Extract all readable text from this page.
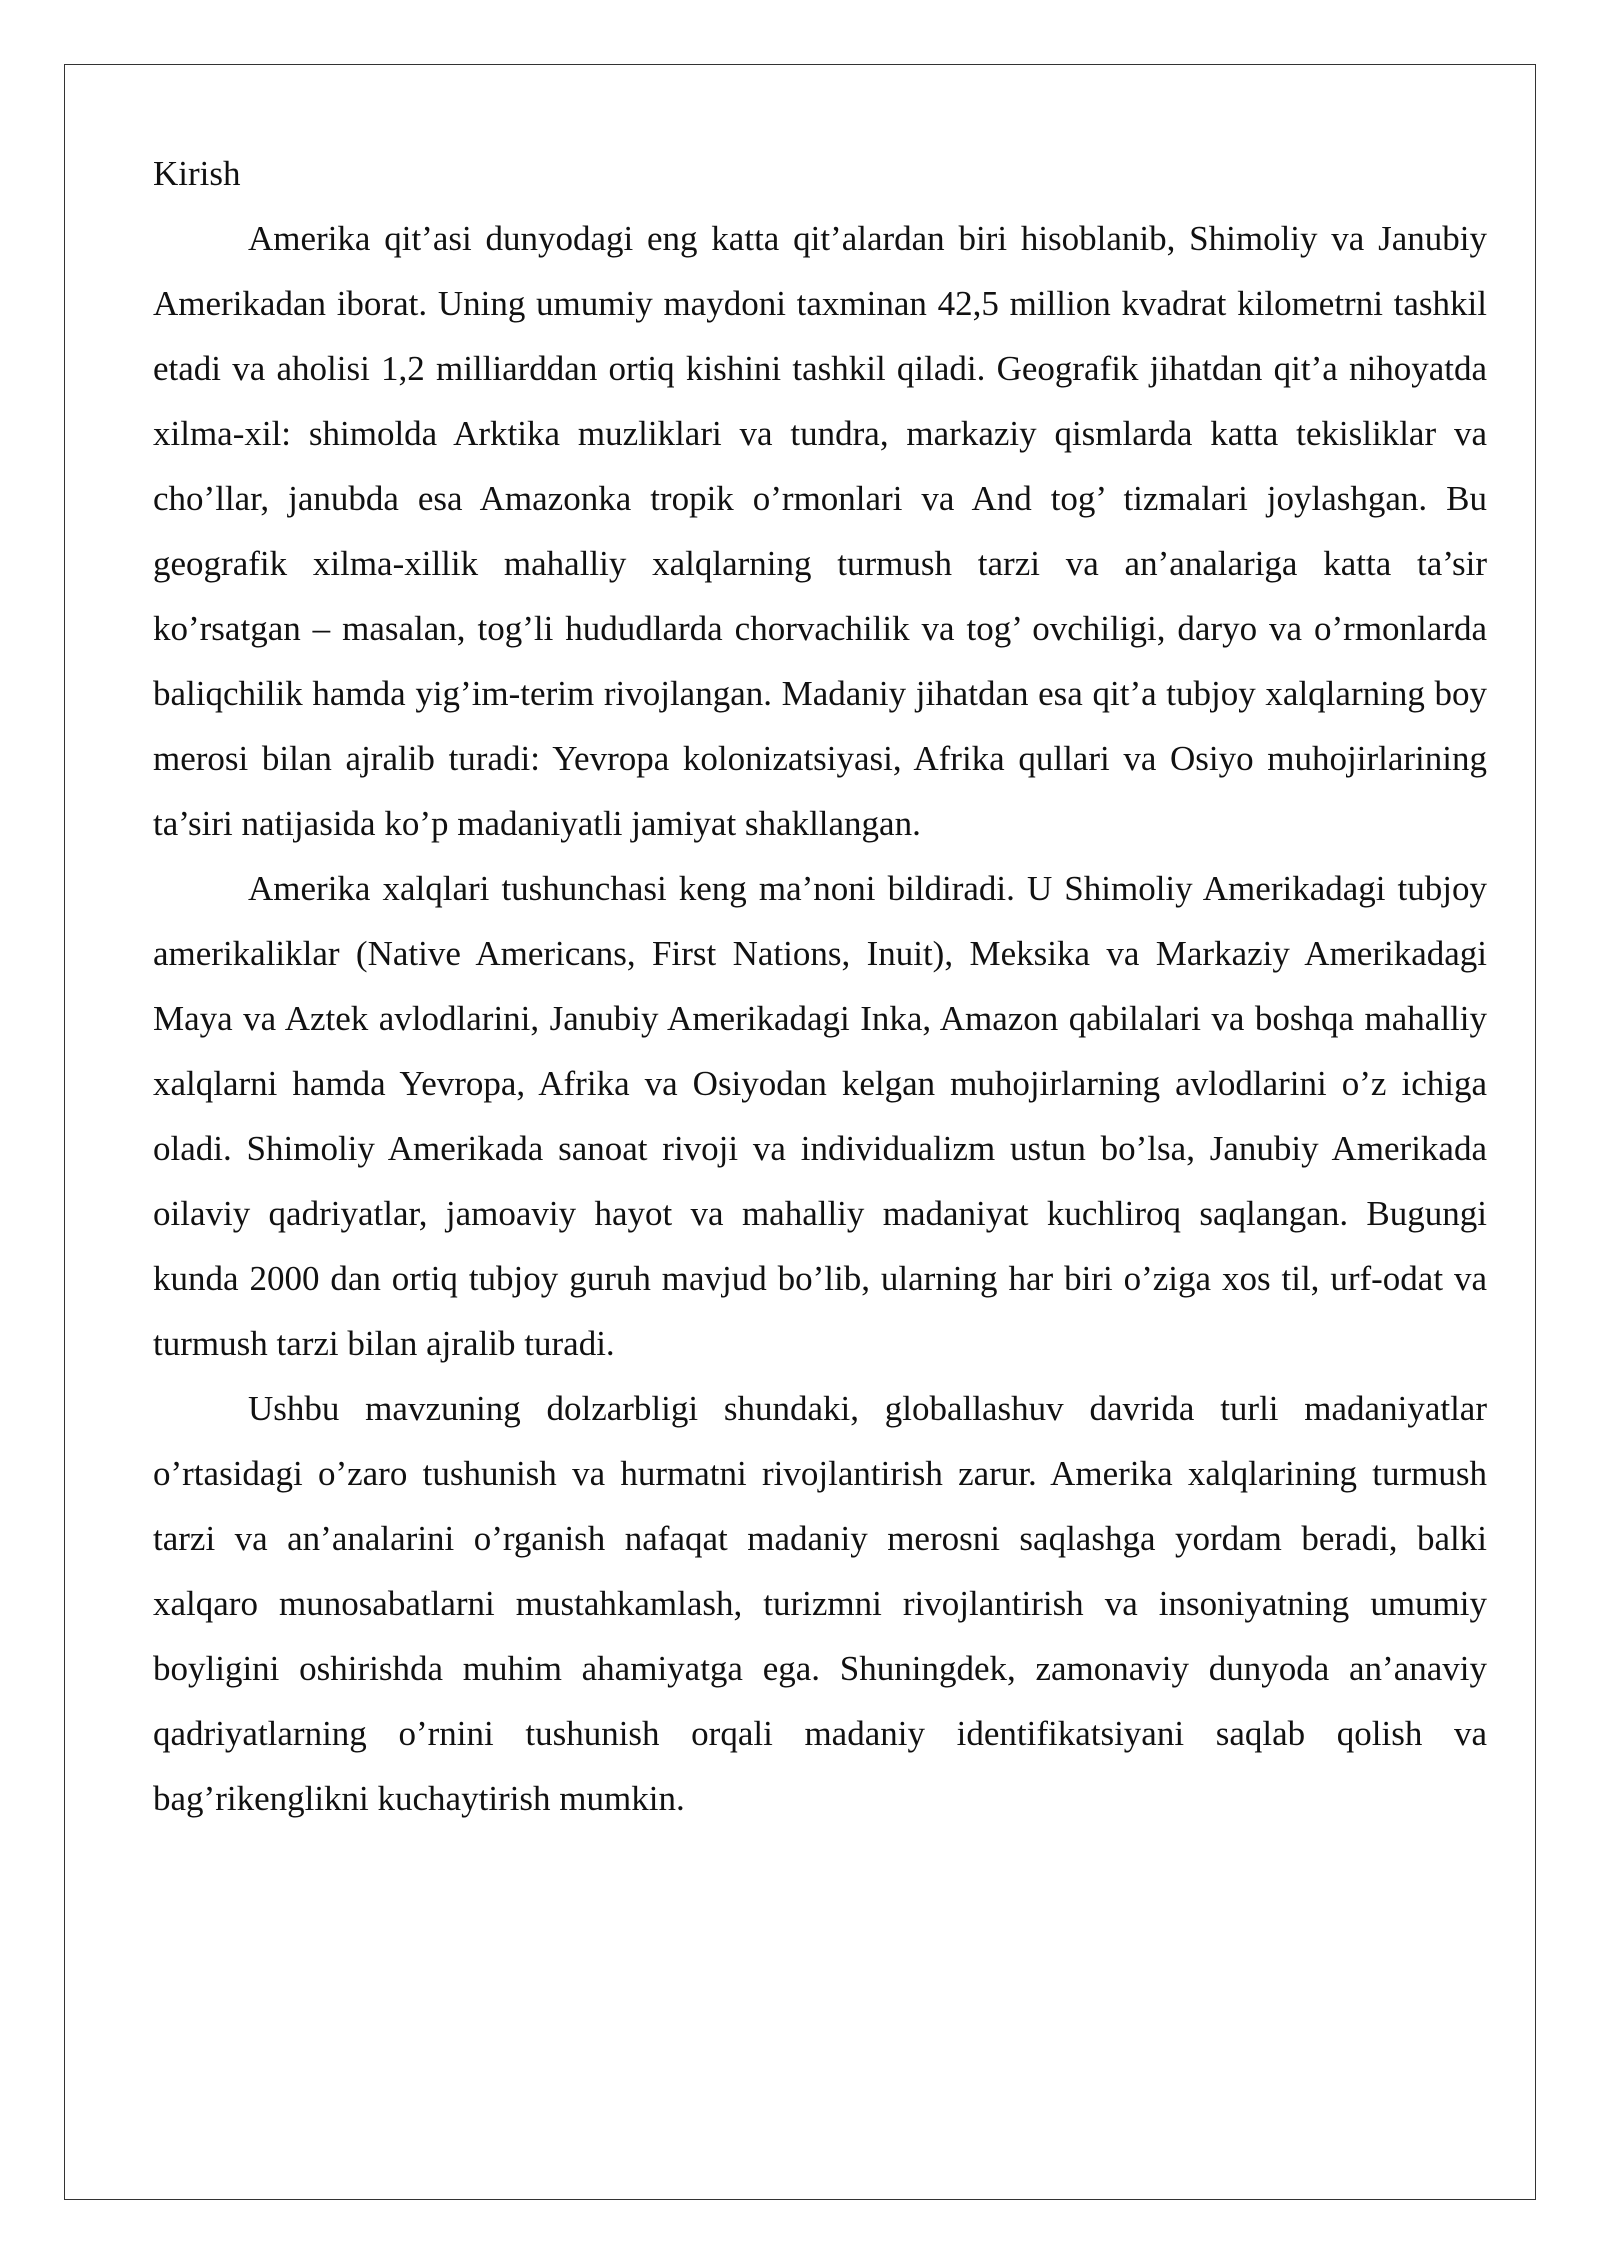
Kirish

Amerika qit’asi dunyodagi eng katta qit’alardan biri hisoblanib, Shimoliy va Janubiy Amerikadan iborat. Uning umumiy maydoni taxminan 42,5 million kvadrat kilometrni tashkil etadi va aholisi 1,2 milliarddan ortiq kishini tashkil qiladi. Geografik jihatdan qit’a nihoyatda xilma-xil: shimolda Arktika muzliklari va tundra, markaziy qismlarda katta tekisliklar va cho’llar, janubda esa Amazonka tropik o’rmonlari va And tog’ tizmalari joylashgan. Bu geografik xilma-xillik mahalliy xalqlarning turmush tarzi va an’analariga katta ta’sir ko’rsatgan – masalan, tog’li hududlarda chorvachilik va tog’ ovchiligi, daryo va o’rmonlarda baliqchilik hamda yig’im-terim rivojlangan. Madaniy jihatdan esa qit’a tubjoy xalqlarning boy merosi bilan ajralib turadi: Yevropa kolonizatsiyasi, Afrika qullari va Osiyo muhojirlarining ta’siri natijasida ko’p madaniyatli jamiyat shakllangan.

Amerika xalqlari tushunchasi keng ma’noni bildiradi. U Shimoliy Amerikadagi tubjoy amerikaliklar (Native Americans, First Nations, Inuit), Meksika va Markaziy Amerikadagi Maya va Aztek avlodlarini, Janubiy Amerikadagi Inka, Amazon qabilalari va boshqa mahalliy xalqlarni hamda Yevropa, Afrika va Osiyodan kelgan muhojirlarning avlodlarini o’z ichiga oladi. Shimoliy Amerikada sanoat rivoji va individualizm ustun bo’lsa, Janubiy Amerikada oilaviy qadriyatlar, jamoaviy hayot va mahalliy madaniyat kuchliroq saqlangan. Bugungi kunda 2000 dan ortiq tubjoy guruh mavjud bo’lib, ularning har biri o’ziga xos til, urf-odat va turmush tarzi bilan ajralib turadi.

Ushbu mavzuning dolzarbligi shundaki, globallashuv davrida turli madaniyatlar o’rtasidagi o’zaro tushunish va hurmatni rivojlantirish zarur. Amerika xalqlarining turmush tarzi va an’analarini o’rganish nafaqat madaniy merosni saqlashga yordam beradi, balki xalqaro munosabatlarni mustahkamlash, turizmni rivojlantirish va insoniyatning umumiy boyligini oshirishda muhim ahamiyatga ega. Shuningdek, zamonaviy dunyoda an’anaviy qadriyatlarning o’rnini tushunish orqali madaniy identifikatsiyani saqlab qolish va bag’rikenglikni kuchaytirish mumkin.
